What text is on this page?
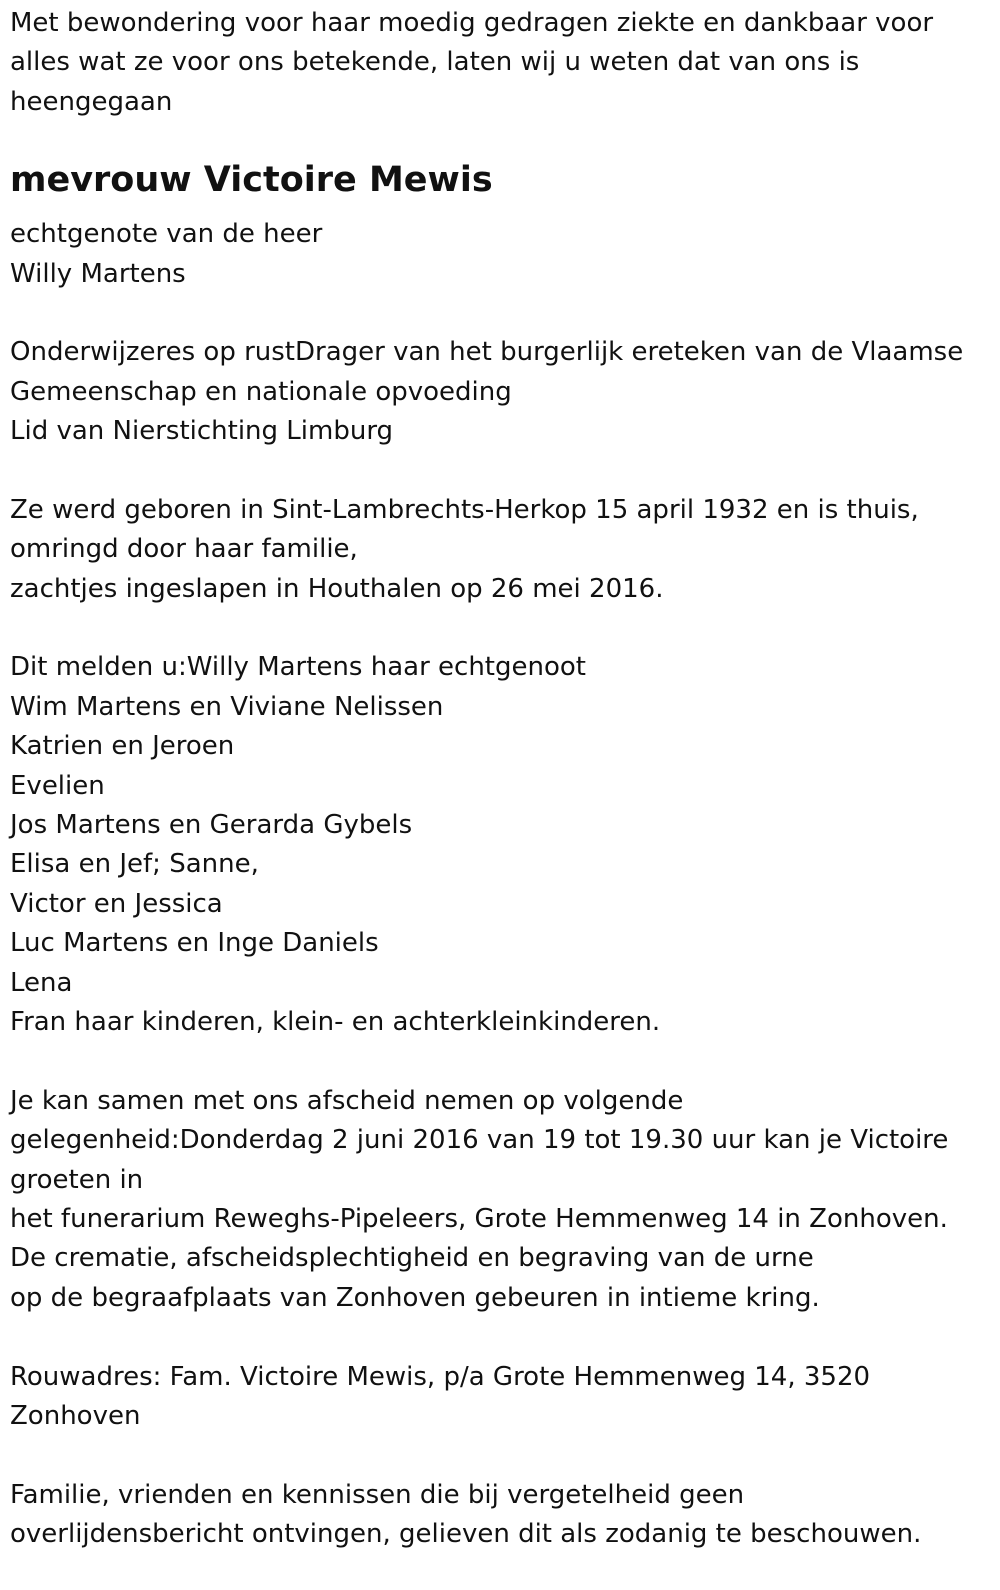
Met bewondering voor haar moedig gedragen ziekte en dankbaar voor
alles wat ze voor ons betekende, laten wij u weten dat van ons is
heengegaan
mevrouw Victoire Mewis
echtgenote van de heer
Willy Martens
Onderwijzeres op rustDrager van het burgerlijk ereteken van de Vlaamse
Gemeenschap en nationale opvoeding
Lid van Nierstichting Limburg
Ze werd geboren in Sint-Lambrechts-Herkop 15 april 1932 en is thuis,
omringd door haar familie,
zachtjes ingeslapen in Houthalen op 26 mei 2016.
Dit melden u:Willy Martens haar echtgenoot
Wim Martens en Viviane Nelissen
Katrien en Jeroen
Evelien
Jos Martens en Gerarda Gybels
Elisa en Jef; Sanne,
Victor en Jessica
Luc Martens en Inge Daniels
Lena
Fran haar kinderen, klein- en achterkleinkinderen.
Je kan samen met ons afscheid nemen op volgende
gelegenheid:Donderdag 2 juni 2016 van 19 tot 19.30 uur kan je Victoire
groeten in
het funerarium Reweghs-Pipeleers, Grote Hemmenweg 14 in Zonhoven.
De crematie, afscheidsplechtigheid en begraving van de urne
op de begraafplaats van Zonhoven gebeuren in intieme kring.
Rouwadres: Fam. Victoire Mewis, p/a Grote Hemmenweg 14, 3520
Zonhoven
Familie, vrienden en kennissen die bij vergetelheid geen
overlijdensbericht ontvingen, gelieven dit als zodanig te beschouwen.
